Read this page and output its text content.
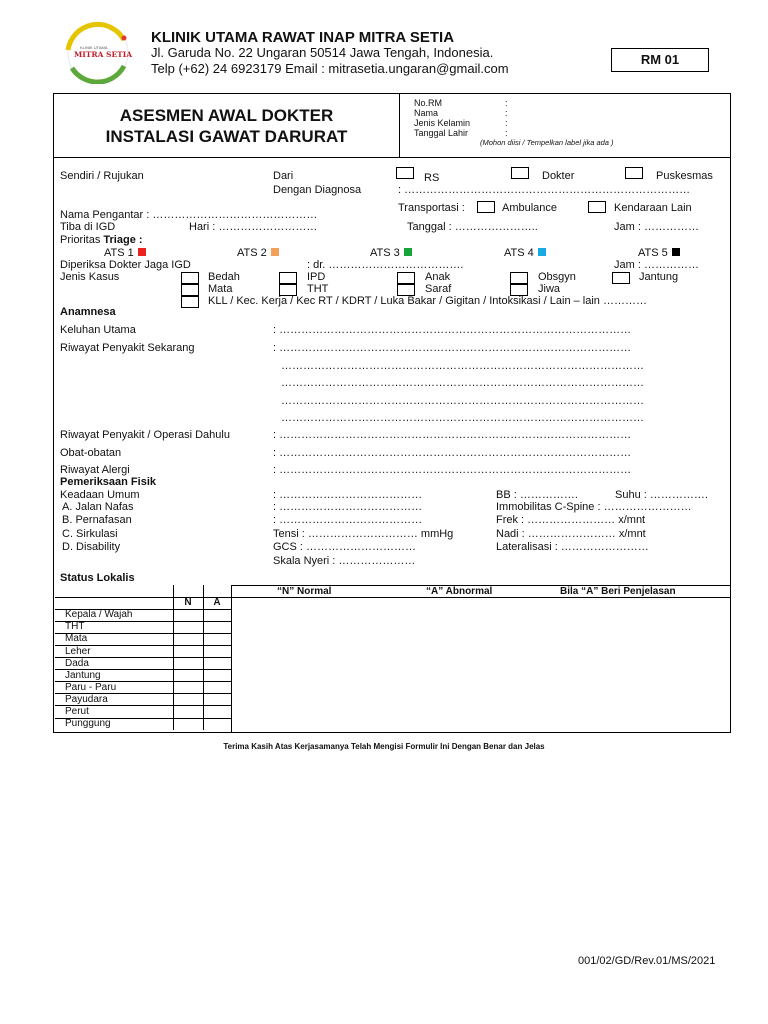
KLINIK UTAMA
MITRA SETIA
KLINIK UTAMA RAWAT INAP MITRA SETIA
Jl. Garuda No. 22 Ungaran 50514 Jawa Tengah, Indonesia.
Telp (+62) 24 6923179 Email : mitrasetia.ungaran@gmail.com
RM 01
ASESMEN AWAL DOKTER
INSTALASI GAWAT DARURAT
No.RM
Nama
Jenis Kelamin
Tanggal Lahir
:
:
:
:
(Mohon diisi / Tempelkan label jika ada )
Sendiri / Rujukan	Dari	RS	Dokter	Puskesmas
Dengan Diagnosa	: ……………………………………………………………………
Nama Pengantar : ………………………………………
Transportasi :	Ambulance	Kendaraan Lain
Tiba di IGD	Hari : ………………………	Tanggal : …………………..	Jam : ……………
Prioritas Triage :
ATS 1	ATS 2	ATS 3	ATS 4	ATS 5
Diperiksa Dokter Jaga IGD	: dr. ……………………………….	Jam : ……………
Jenis Kasus	Bedah	IPD	Anak	Obsgyn	Jantung
Mata	THT	Saraf	Jiwa
KLL / Kec. Kerja / Kec RT / KDRT / Luka Bakar / Gigitan / Intoksikasi / Lain – lain …………
Anamnesa
Keluhan Utama	: ……………………………………………………………………………………
Riwayat Penyakit Sekarang	: ……………………………………………………………………………………
………………………………………………………………………………………
………………………………………………………………………………………
………………………………………………………………………………………
………………………………………………………………………………………
Riwayat Penyakit / Operasi Dahulu	: ……………………………………………………………………………………
Obat-obatan	: ……………………………………………………………………………………
Riwayat Alergi	: ……………………………………………………………………………………
Pemeriksaan Fisik
Keadaan Umum	: …………………………………	BB : …………….	Suhu : …………….
A. Jalan Nafas	: …………………………………	Immobilitas C-Spine : ……………………
B. Pernafasan	: …………………………………	Frek : …………………… x/mnt
C. Sirkulasi	Tensi : ………………………… mmHg	Nadi : …………………… x/mnt
D. Disability	GCS : …………………………	Lateralisasi : ……………………
Skala Nyeri : …………………
Status Lokalis
“N” Normal	“A” Abnormal	Bila “A” Beri Penjelasan

	N	A
Kepala / Wajah		
THT		
Mata		
Leher		
Dada		
Jantung		
Paru - Paru		
Payudara		
Perut		
Punggung		
Terima Kasih Atas Kerjasamanya Telah Mengisi Formulir Ini Dengan Benar dan Jelas
001/02/GD/Rev.01/MS/2021
